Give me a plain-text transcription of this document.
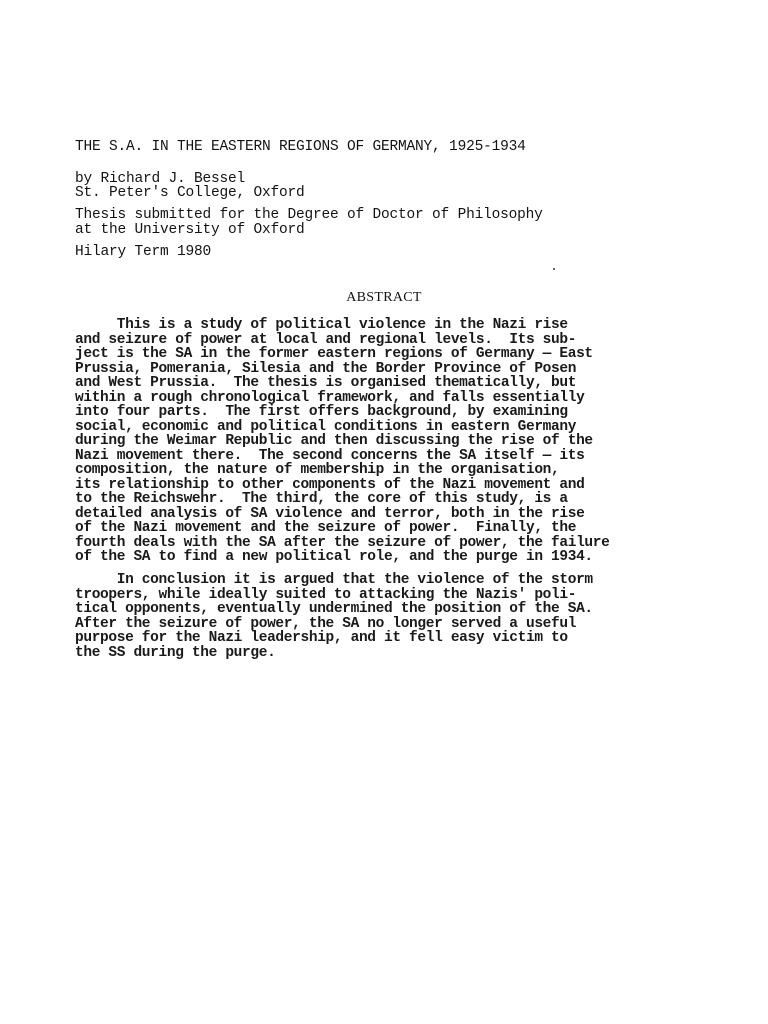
THE S.A. IN THE EASTERN REGIONS OF GERMANY, 1925-1934
by Richard J. Bessel
St. Peter's College, Oxford
Thesis submitted for the Degree of Doctor of Philosophy
at the University of Oxford
Hilary Term 1980
ABSTRACT
This is a study of political violence in the Nazi rise
and seizure of power at local and regional levels.  Its sub-
ject is the SA in the former eastern regions of Germany — East
Prussia, Pomerania, Silesia and the Border Province of Posen
and West Prussia.  The thesis is organised thematically, but
within a rough chronological framework, and falls essentially
into four parts.  The first offers background, by examining
social, economic and political conditions in eastern Germany
during the Weimar Republic and then discussing the rise of the
Nazi movement there.  The second concerns the SA itself — its
composition, the nature of membership in the organisation,
its relationship to other components of the Nazi movement and
to the Reichswehr.  The third, the core of this study, is a
detailed analysis of SA violence and terror, both in the rise
of the Nazi movement and the seizure of power.  Finally, the
fourth deals with the SA after the seizure of power, the failure
of the SA to find a new political role, and the purge in 1934.
In conclusion it is argued that the violence of the storm
troopers, while ideally suited to attacking the Nazis' poli-
tical opponents, eventually undermined the position of the SA.
After the seizure of power, the SA no longer served a useful
purpose for the Nazi leadership, and it fell easy victim to
the SS during the purge.
